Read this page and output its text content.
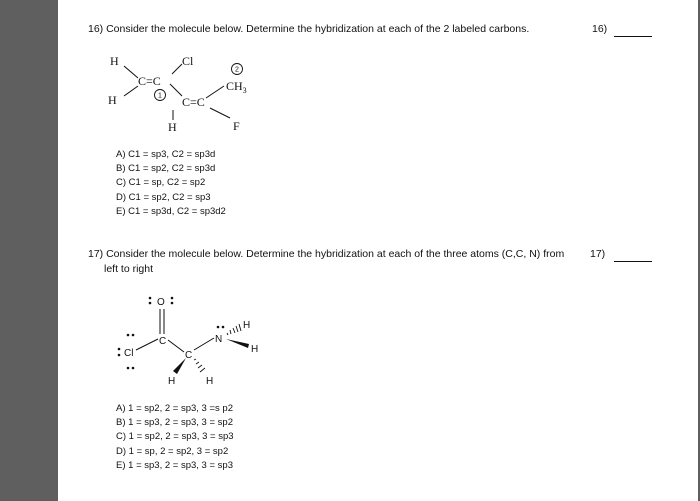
16) Consider the molecule below. Determine the hybridization at each of the 2 labeled carbons.	16)
H
H
C=C
Cl
C=C
H
$CH_3$
F
1
2
A) C1 = sp3, C2 = sp3d
B) C1 = sp2, C2 = sp3d
C) C1 = sp, C2 = sp2
D) C1 = sp2, C2 = sp3
E) C1 = sp3d, C2 = sp3d2
17) Consider the molecule below. Determine the hybridization at each of the three atoms (C,C, N) from
left to right
17)
O
C
Cl	C
N
H
H
H	H
A) 1 = sp2, 2 = sp3, 3 =s p2
B) 1 = sp3, 2 = sp3, 3 = sp2
C) 1 = sp2, 2 = sp3, 3 = sp3
D) 1 = sp, 2 = sp2, 3 = sp2
E) 1 = sp3, 2 = sp3, 3 = sp3
